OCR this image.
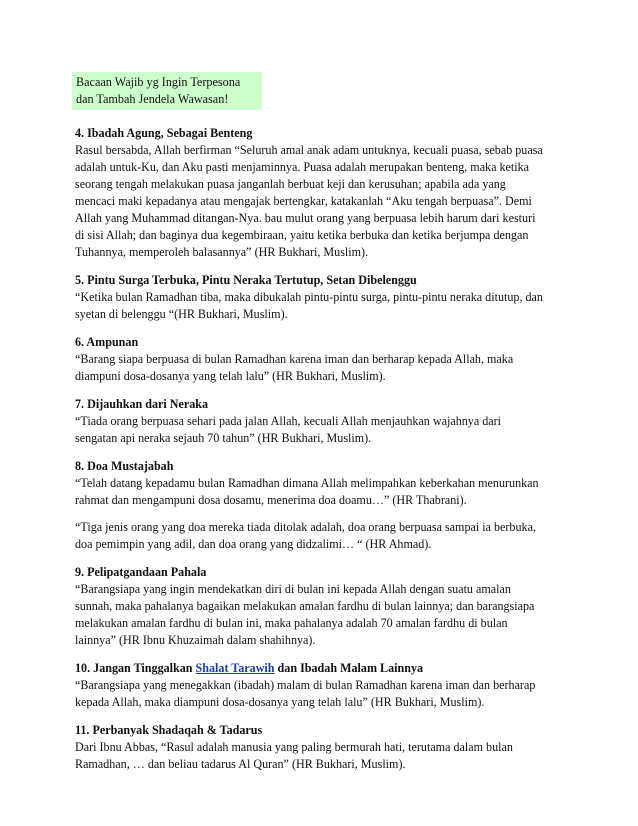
Bacaan Wajib yg Ingin Terpesona
dan Tambah Jendela Wawasan!
4. Ibadah Agung, Sebagai Benteng

Rasul bersabda, Allah berfirman “Seluruh amal anak adam untuknya, kecuali puasa, sebab puasa
adalah untuk-Ku, dan Aku pasti menjaminnya. Puasa adalah merupakan benteng, maka ketika
seorang tengah melakukan puasa janganlah berbuat keji dan kerusuhan; apabila ada yang
mencaci maki kepadanya atau mengajak bertengkar, katakanlah “Aku tengah berpuasa”. Demi
Allah yang Muhammad ditangan-Nya. bau mulut orang yang berpuasa lebih harum dari kesturi
di sisi Allah; dan baginya dua kegembiraan, yaitu ketika berbuka dan ketika berjumpa dengan
Tuhannya, memperoleh balasannya” (HR Bukhari, Muslim).

5. Pintu Surga Terbuka, Pintu Neraka Tertutup, Setan Dibelenggu

“Ketika bulan Ramadhan tiba, maka dibukalah pintu-pintu surga, pintu-pintu neraka ditutup, dan
syetan di belenggu “(HR Bukhari, Muslim).

6. Ampunan

“Barang siapa berpuasa di bulan Ramadhan karena iman dan berharap kepada Allah, maka
diampuni dosa-dosanya yang telah lalu” (HR Bukhari, Muslim).

7. Dijauhkan dari Neraka

“Tiada orang berpuasa sehari pada jalan Allah, kecuali Allah menjauhkan wajahnya dari
sengatan api neraka sejauh 70 tahun” (HR Bukhari, Muslim).

8. Doa Mustajabah

“Telah datang kepadamu bulan Ramadhan dimana Allah melimpahkan keberkahan menurunkan
rahmat dan mengampuni dosa dosamu, menerima doa doamu…” (HR Thabrani).

“Tiga jenis orang yang doa mereka tiada ditolak adalah, doa orang berpuasa sampai ia berbuka,
doa pemimpin yang adil, dan doa orang yang didzalimi… “ (HR Ahmad).

9. Pelipatgandaan Pahala

“Barangsiapa yang ingin mendekatkan diri di bulan ini kepada Allah dengan suatu amalan
sunnah, maka pahalanya bagaikan melakukan amalan fardhu di bulan lainnya; dan barangsiapa
melakukan amalan fardhu di bulan ini, maka pahalanya adalah 70 amalan fardhu di bulan
lainnya” (HR Ibnu Khuzaimah dalam shahihnya).

10. Jangan Tinggalkan Shalat Tarawih dan Ibadah Malam Lainnya

“Barangsiapa yang menegakkan (ibadah) malam di bulan Ramadhan karena iman dan berharap
kepada Allah, maka diampuni dosa-dosanya yang telah lalu” (HR Bukhari, Muslim).

11. Perbanyak Shadaqah & Tadarus

Dari Ibnu Abbas, “Rasul adalah manusia yang paling bermurah hati, terutama dalam bulan
Ramadhan, … dan beliau tadarus Al Quran” (HR Bukhari, Muslim).
